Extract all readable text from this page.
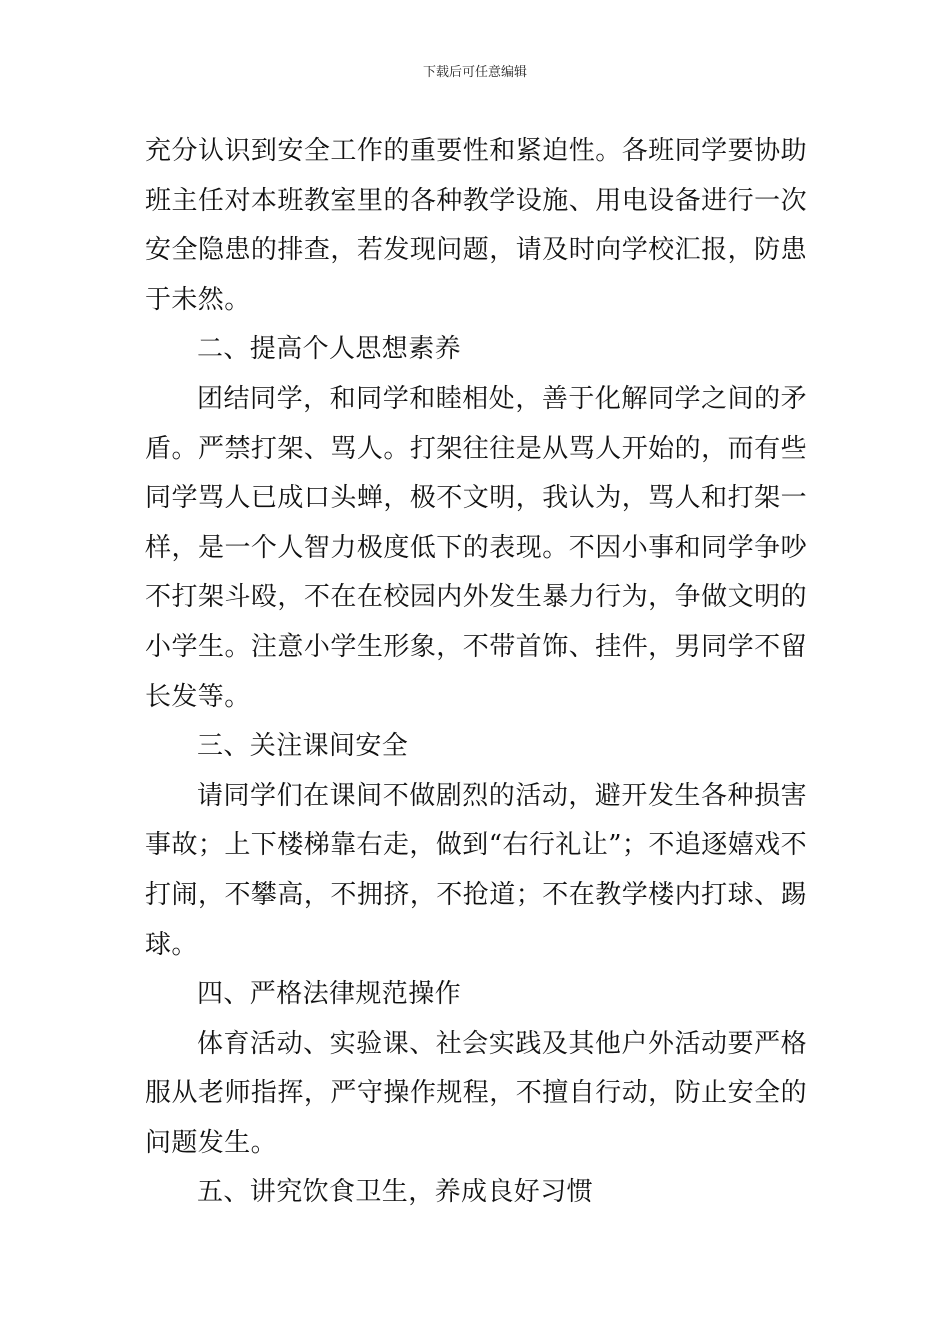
下载后可任意编辑

充分认识到安全工作的重要性和紧迫性。各班同学要协助班主任对本班教室里的各种教学设施、用电设备进行一次安全隐患的排查，若发现问题，请及时向学校汇报，防患于未然。

二、提高个人思想素养

团结同学，和同学和睦相处，善于化解同学之间的矛盾。严禁打架、骂人。打架往往是从骂人开始的，而有些同学骂人已成口头蝉，极不文明，我认为，骂人和打架一样，是一个人智力极度低下的表现。不因小事和同学争吵不打架斗殴，不在在校园内外发生暴力行为，争做文明的小学生。注意小学生形象，不带首饰、挂件，男同学不留长发等。

三、关注课间安全

请同学们在课间不做剧烈的活动，避开发生各种损害事故；上下楼梯靠右走，做到“右行礼让”；不追逐嬉戏不打闹，不攀高，不拥挤，不抢道；不在教学楼内打球、踢球。

四、严格法律规范操作

体育活动、实验课、社会实践及其他户外活动要严格服从老师指挥，严守操作规程，不擅自行动，防止安全的问题发生。

五、讲究饮食卫生，养成良好习惯
